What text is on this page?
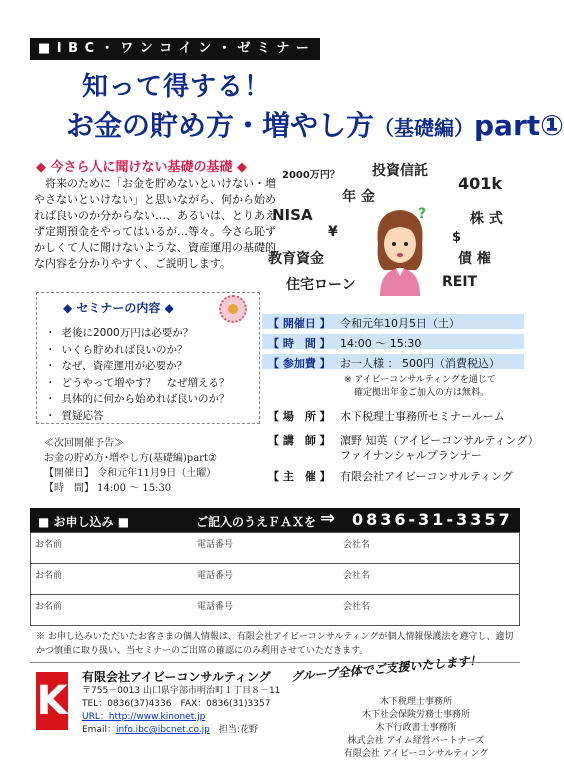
■ I B C ・ ワ ン コ イ ン ・ ゼ ミ ナ ー ル ■
知って得する！
お金の貯め方・増やし方（基礎編）part①
◆ 今さら人に聞けない基礎の基礎 ◆
将来のために「お金を貯めないといけない・増やさないといけない」と思いながら、何から始めれば良いのか分からない…、あるいは、とりあえず定期預金をやってはいるが…等々。今さら恥ずかしくて人に聞けないような、資産運用の基礎的な内容を分かりやすく、ご説明します。
◆ セミナーの内容 ◆
・ 老後に2000万円は必要か？
・ いくら貯めれば良いのか？
・ なぜ、資産運用が必要か？
・ どうやって増やす？　なぜ増える？
・ 具体的に何から始めれば良いのか？
・ 質疑応答
≪次回開催予告≫
お金の貯め方･増やし方(基礎編)part②
【開催日】 令和元年11月9日（土曜）
【時　間】 14:00 ～ 15:30
2000万円？ 投資信託
年 金
401k
NISA	株 式
$
教育資金	債 権
住宅ローン	REIT
¥
?
【 開催日 】 令和元年10月5日（土）
【 時　間 】 14:00 ～ 15:30
【 参加費 】 お一人様 ： 500円（消費税込）
※ アイビーコンサルティングを通じて
確定拠出年金ご加入の方は無料。
【 場　所 】 木下税理士事務所セミナールーム
【 講　師 】 濵野 知英（アイビーコンサルティング）
ファイナンシャルプランナー
【 主　催 】 有限会社アイビーコンサルティング
■ お申し込み ■	ご記入のうえＦＡＸを ⇒ 0836-31-3357
お名前	電話番号	会社名
お名前	電話番号	会社名
お名前	電話番号	会社名
※ お申し込みいただいたお客さまの個人情報は、有限会社アイビーコンサルティングが個人情報保護法を遵守し、適切かつ慎重に取り扱い、当セミナーのご出席の確認にのみ利用させていただきます。
K
有限会社アイビーコンサルティング
〒755－0013 山口県宇部市明治町１丁目８－11
TEL：0836(37)4336　FAX：0836(31)3357
URL：http://www.kinonet.jp
Email：info.ibc@ibcnet.co.jp　 担当:花野
グループ全体でご支援いたします！
木下税理士事務所
木下社会保険労務士事務所
木下行政書士事務所
株式会社 アイム経営パートナーズ
有限会社 アイビーコンサルティング
